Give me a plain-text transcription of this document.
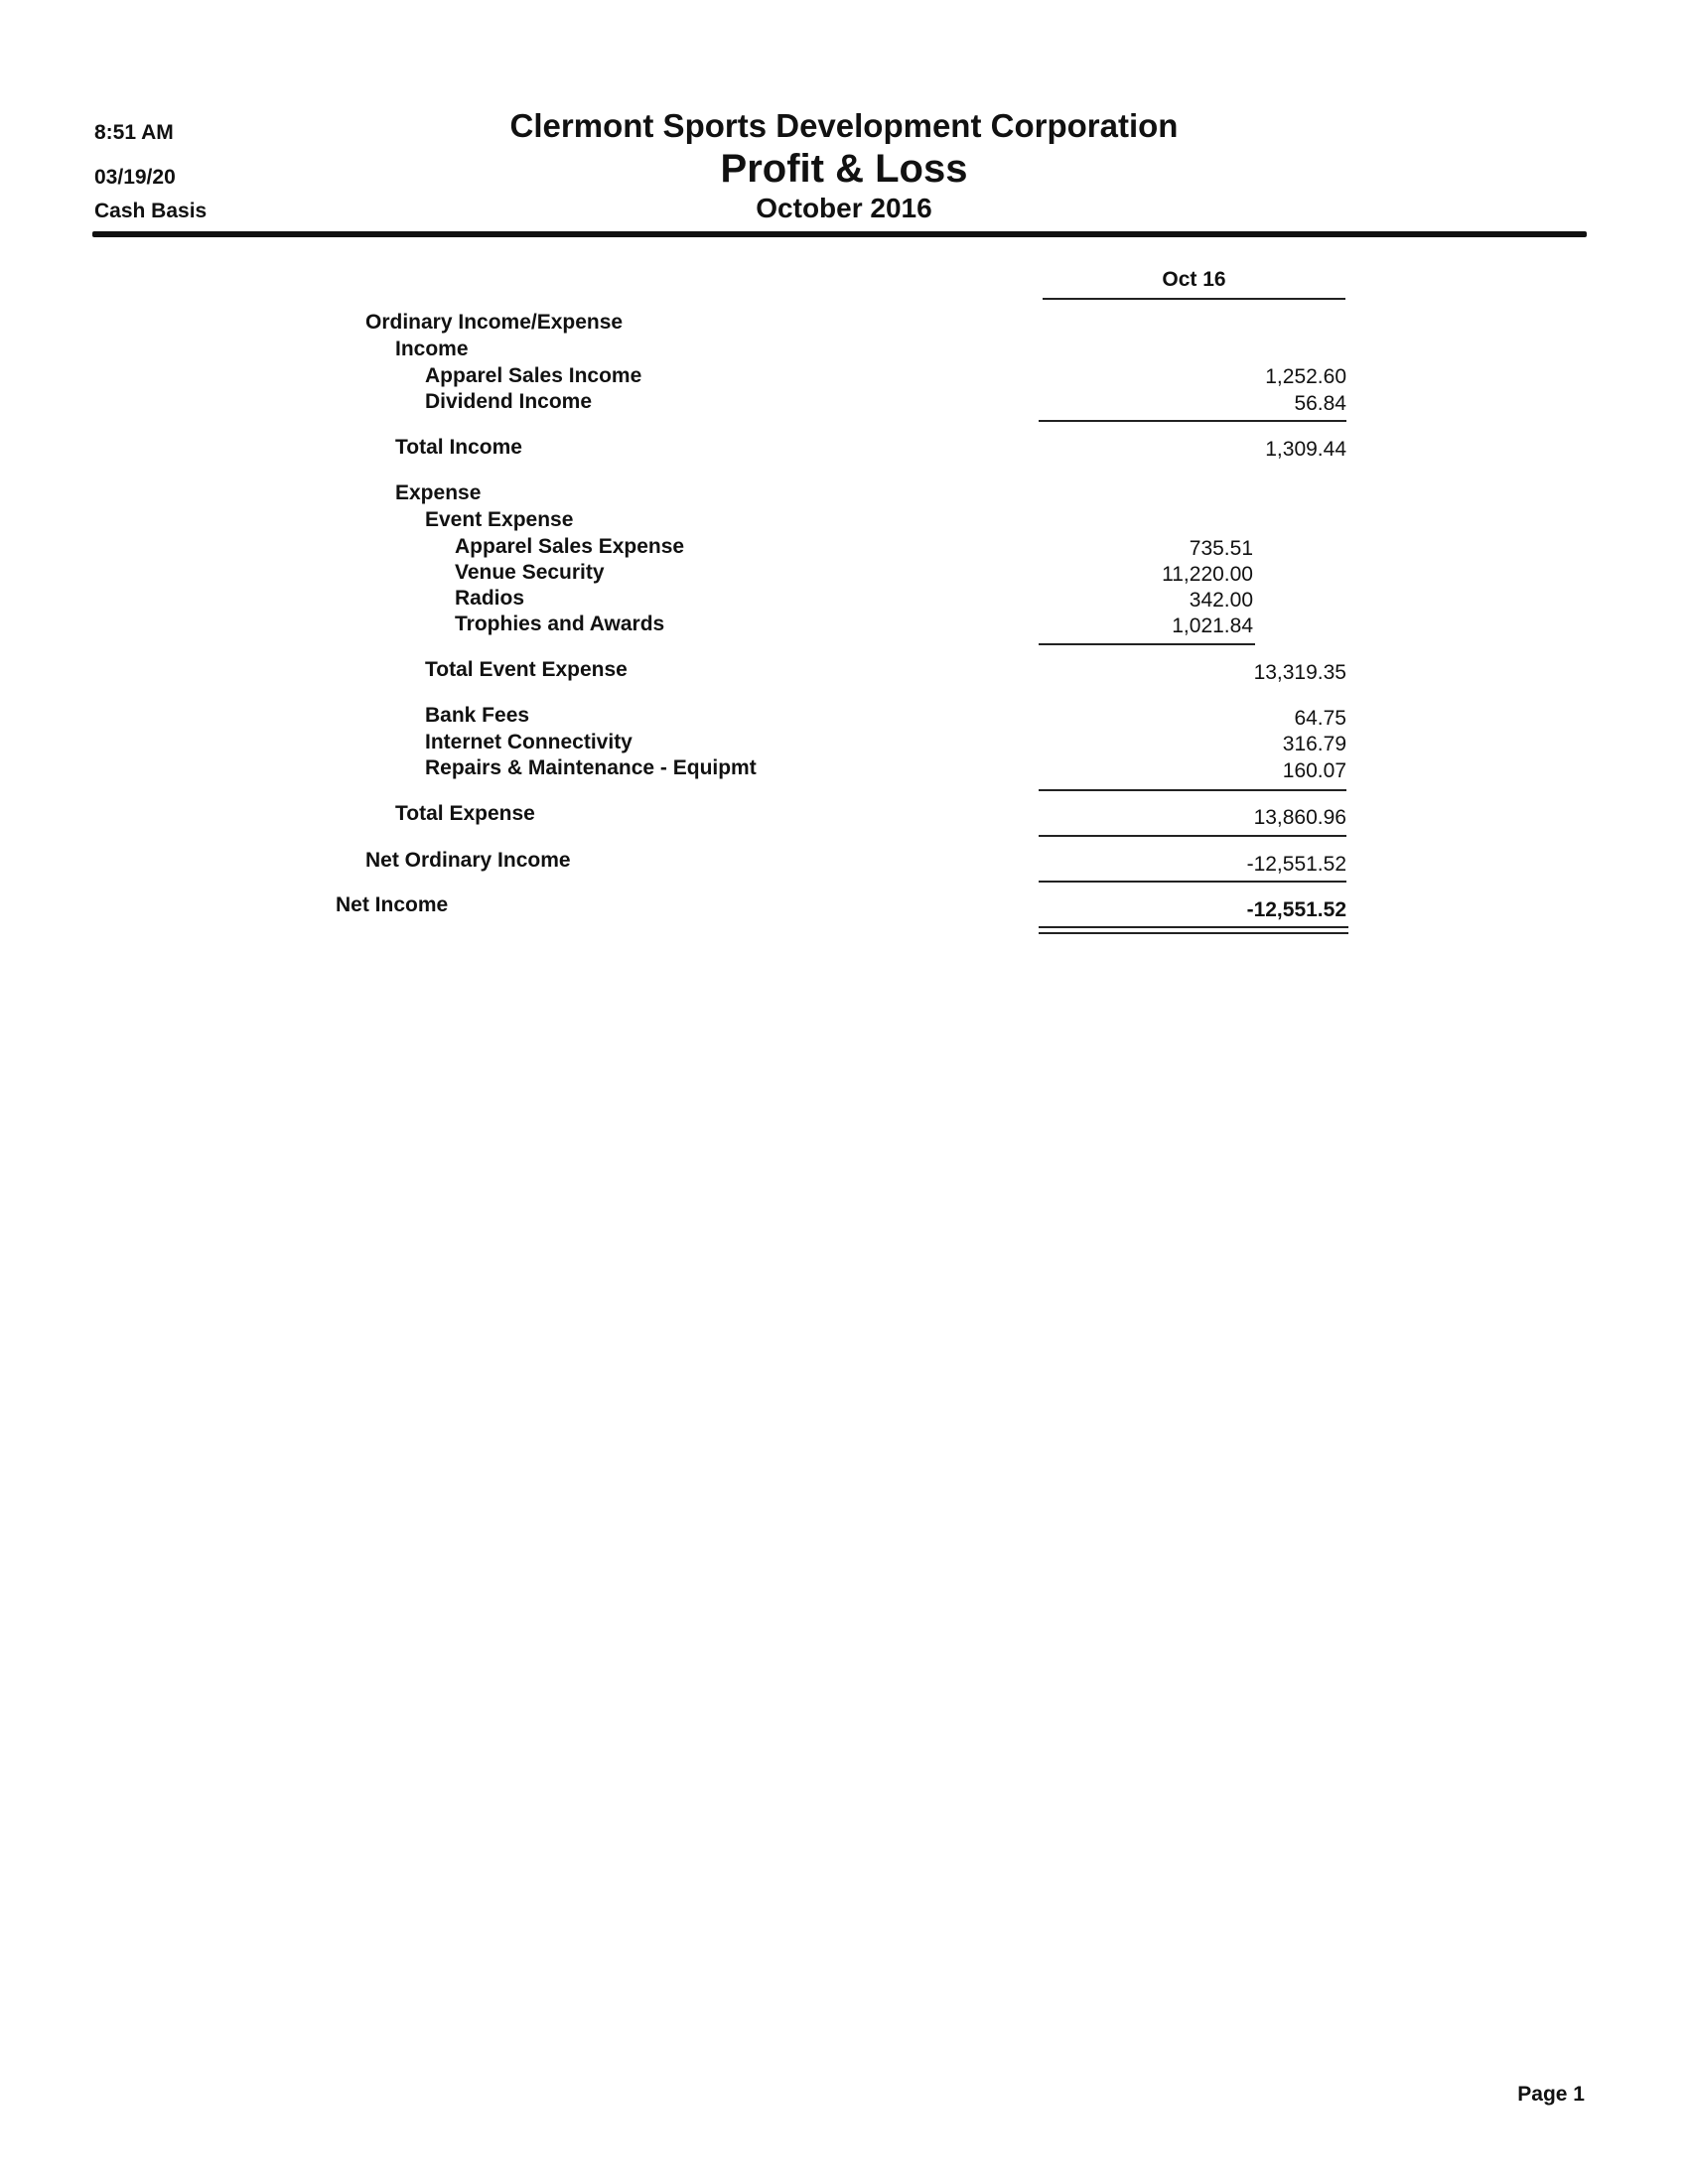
8:51 AM
03/19/20
Cash Basis
Clermont Sports Development Corporation
Profit & Loss
October 2016
Oct 16
Ordinary Income/Expense
Income
Apparel Sales Income	1,252.60
Dividend Income	56.84
Total Income	1,309.44
Expense
Event Expense
Apparel Sales Expense	735.51
Venue Security	11,220.00
Radios	342.00
Trophies and Awards	1,021.84
Total Event Expense	13,319.35
Bank Fees	64.75
Internet Connectivity	316.79
Repairs & Maintenance - Equipmt	160.07
Total Expense	13,860.96
Net Ordinary Income	-12,551.52
Net Income	-12,551.52
Page 1
